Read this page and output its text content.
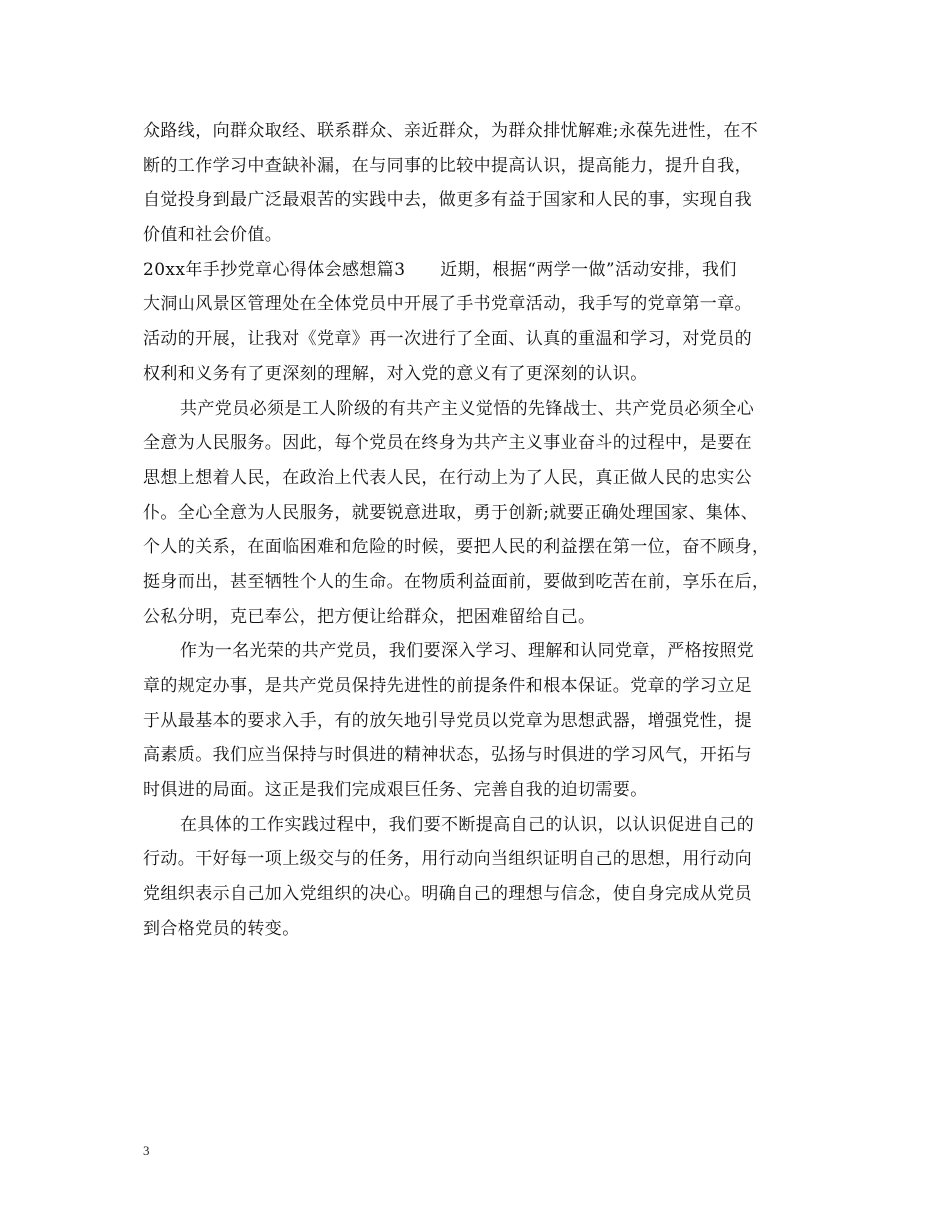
众路线，向群众取经、联系群众、亲近群众，为群众排忧解难;永葆先进性，在不
断的工作学习中查缺补漏，在与同事的比较中提高认识，提高能力，提升自我，
自觉投身到最广泛最艰苦的实践中去，做更多有益于国家和人民的事，实现自我
价值和社会价值。
20xx年手抄党章心得体会感想篇3　　近期，根据“两学一做”活动安排，我们
大洞山风景区管理处在全体党员中开展了手书党章活动，我手写的党章第一章。
活动的开展，让我对《党章》再一次进行了全面、认真的重温和学习，对党员的
权利和义务有了更深刻的理解，对入党的意义有了更深刻的认识。
共产党员必须是工人阶级的有共产主义觉悟的先锋战士、共产党员必须全心
全意为人民服务。因此，每个党员在终身为共产主义事业奋斗的过程中，是要在
思想上想着人民，在政治上代表人民，在行动上为了人民，真正做人民的忠实公
仆。全心全意为人民服务，就要锐意进取，勇于创新;就要正确处理国家、集体、
个人的关系，在面临困难和危险的时候，要把人民的利益摆在第一位，奋不顾身，
挺身而出，甚至牺牲个人的生命。在物质利益面前，要做到吃苦在前，享乐在后，
公私分明，克已奉公，把方便让给群众，把困难留给自己。
作为一名光荣的共产党员，我们要深入学习、理解和认同党章，严格按照党
章的规定办事，是共产党员保持先进性的前提条件和根本保证。党章的学习立足
于从最基本的要求入手，有的放矢地引导党员以党章为思想武器，增强党性，提
高素质。我们应当保持与时俱进的精神状态，弘扬与时俱进的学习风气，开拓与
时俱进的局面。这正是我们完成艰巨任务、完善自我的迫切需要。
在具体的工作实践过程中，我们要不断提高自己的认识，以认识促进自己的
行动。干好每一项上级交与的任务，用行动向当组织证明自己的思想，用行动向
党组织表示自己加入党组织的决心。明确自己的理想与信念，使自身完成从党员
到合格党员的转变。
3
